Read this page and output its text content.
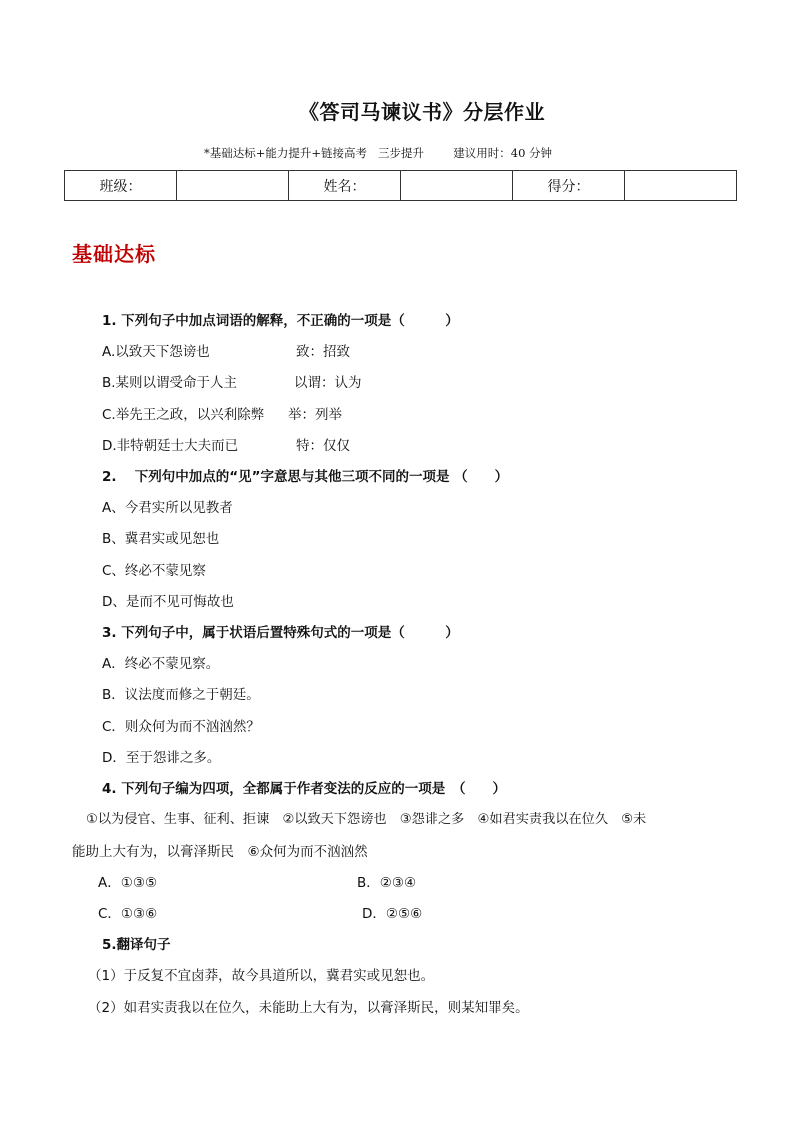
《答司马谏议书》分层作业
*基础达标+能力提升+链接高考 三步提升	建议用时：40 分钟
班级：		姓名：		得分：	
基础达标
1. 下列句子中加点词语的解释，不正确的一项是（　　　）
A.以致天下怨谤也	致：招致
B.某则以谓受命于人主	以谓：认为
C.举先王之政，以兴利除弊 举：列举
D.非特朝廷士大夫而已	特：仅仅
2.　 下列句中加点的“见”字意思与其他三项不同的一项是 （　　）
A、今君实所以见教者
B、冀君实或见恕也
C、终必不蒙见察
D、是而不见可悔故也
3. 下列句子中，属于状语后置特殊句式的一项是（　　　）
A．终必不蒙见察。
B．议法度而修之于朝廷。
C．则众何为而不汹汹然？
D．至于怨诽之多。
4. 下列句子编为四项，全都属于作者变法的反应的一项是　（　　）
①以为侵官、生事、征利、拒谏　②以致天下怨谤也　③怨诽之多　④如君实责我以在位久　⑤未
能助上大有为，以膏泽斯民　⑥众何为而不汹汹然
A．①③⑤	B．②③④
C．①③⑥	D．②⑤⑥
5.翻译句子
（1）于反复不宜卤莽，故今具道所以，冀君实或见恕也。
（2）如君实责我以在位久，未能助上大有为，以膏泽斯民，则某知罪矣。
